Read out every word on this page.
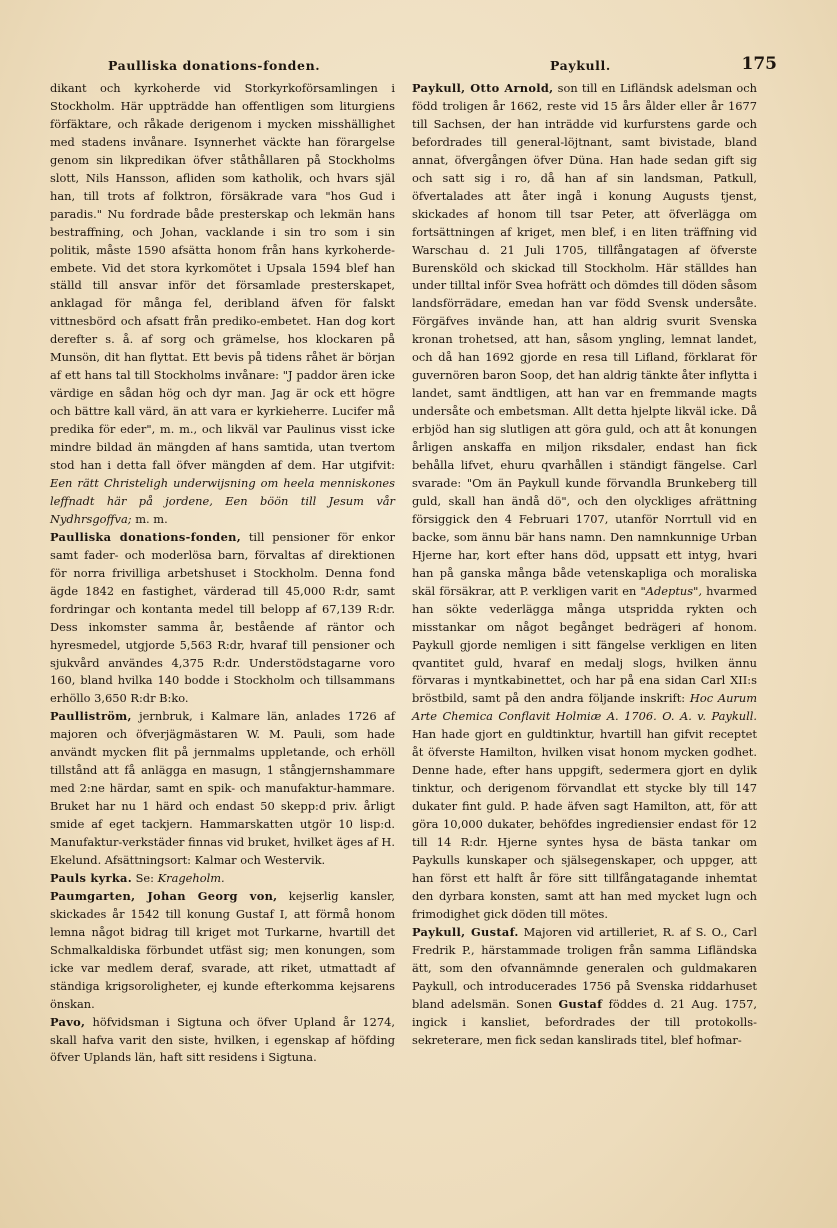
Paulliska donations-fonden.	Paykull.	175

dikant och kyrkoherde vid Storkyrkoförsamlingen i Stockholm. Här uppträdde han offentligen som liturgiens förfäktare, och råkade derigenom i mycken misshällighet med stadens invånare. Isynnerhet väckte han förargelse genom sin likpredikan öfver ståthållaren på Stockholms slott, Nils Hansson, afliden som katholik, och hvars själ han, till trots af folktron, försäkrade vara "hos Gud i paradis." Nu fordrade både presterskap och lekmän hans bestraffning, och Johan, vacklande i sin tro som i sin politik, måste 1590 afsätta honom från hans kyrkoherde-embete. Vid det stora kyrkomötet i Upsala 1594 blef han ställd till ansvar inför det församlade presterskapet, anklagad för många fel, deribland äfven för falskt vittnesbörd och afsatt från prediko-embetet. Han dog kort derefter s. å. af sorg och grämelse, hos klockaren på Munsön, dit han flyttat. Ett bevis på tidens råhet är början af ett hans tal till Stockholms invånare: "J paddor ären icke värdige en sådan hög och dyr man. Jag är ock ett högre och bättre kall värd, än att vara er kyrkieherre. Lucifer må predika för eder", m. m., och likväl var Paulinus visst icke mindre bildad än mängden af hans samtida, utan tvertom stod han i detta fall öfver mängden af dem. Har utgifvit: Een rätt Christeligh underwijsning om heela menniskones leffnadt här på jordene, Een böön till Jesum vår Nydhrsgoffva; m. m.

Paulliska donations-fonden, till pensioner för enkor samt fader- och moderlösa barn, förvaltas af direktionen för norra frivilliga arbetshuset i Stockholm. Denna fond ägde 1842 en fastighet, värderad till 45,000 R:dr, samt fordringar och kontanta medel till belopp af 67,139 R:dr. Dess inkomster samma år, bestående af räntor och hyresmedel, utgjorde 5,563 R:dr, hvaraf till pensioner och sjukvård användes 4,375 R:dr. Understödstagarne voro 160, bland hvilka 140 bodde i Stockholm och tillsammans erhöllo 3,650 R:dr B:ko.

Paulliström, jernbruk, i Kalmare län, anlades 1726 af majoren och öfverjägmästaren W. M. Pauli, som hade användt mycken flit på jernmalms uppletande, och erhöll tillstånd att få anlägga en masugn, 1 stångjernshammare med 2:ne härdar, samt en spik- och manufaktur-hammare. Bruket har nu 1 härd och endast 50 skepp:d priv. årligt smide af eget tackjern. Hammarskatten utgör 10 lisp:d. Manufaktur-verkstäder finnas vid bruket, hvilket äges af H. Ekelund. Afsättningsort: Kalmar och Westervik.

Pauls kyrka. Se: Krageholm.

Paumgarten, Johan Georg von, kejserlig kansler, skickades år 1542 till konung Gustaf I, att förmå honom lemna något bidrag till kriget mot Turkarne, hvartill det Schmalkaldiska förbundet utfäst sig; men konungen, som icke var medlem deraf, svarade, att riket, utmattadt af ständiga krigsoroligheter, ej kunde efterkomma kejsarens önskan.

Pavo, höfvidsman i Sigtuna och öfver Upland år 1274, skall hafva varit den siste, hvilken, i egenskap af höfding öfver Uplands län, haft sitt residens i Sigtuna.

Paykull, Otto Arnold, son till en Lifländsk adelsman och född troligen år 1662, reste vid 15 års ålder eller år 1677 till Sachsen, der han inträdde vid kurfurstens garde och befordrades till general-löjtnant, samt bivistade, bland annat, öfvergången öfver Düna. Han hade sedan gift sig och satt sig i ro, då han af sin landsman, Patkull, öfvertalades att åter ingå i konung Augusts tjenst, skickades af honom till tsar Peter, att öfverlägga om fortsättningen af kriget, men blef, i en liten träffning vid Warschau d. 21 Juli 1705, tillfångatagen af öfverste Burensköld och skickad till Stockholm. Här ställdes han under tilltal inför Svea hofrätt och dömdes till döden såsom landsförrädare, emedan han var född Svensk undersåte. Förgäfves invände han, att han aldrig svurit Svenska kronan trohetsed, att han, såsom yngling, lemnat landet, och då han 1692 gjorde en resa till Lifland, förklarat för guvernören baron Soop, det han aldrig tänkte åter inflytta i landet, samt ändtligen, att han var en fremmande magts undersåte och embetsman. Allt detta hjelpte likväl icke. Då erbjöd han sig slutligen att göra guld, och att åt konungen årligen anskaffa en miljon riksdaler, endast han fick behålla lifvet, ehuru qvarhållen i ständigt fängelse. Carl svarade: "Om än Paykull kunde förvandla Brunkeberg till guld, skall han ändå dö", och den olyckliges afrättning försiggick den 4 Februari 1707, utanför Norrtull vid en backe, som ännu bär hans namn. Den namnkunnige Urban Hjerne har, kort efter hans död, uppsatt ett intyg, hvari han på ganska många både vetenskapliga och moraliska skäl försäkrar, att P. verkligen varit en "Adeptus", hvarmed han sökte vederlägga många utspridda rykten och misstankar om något begånget bedrägeri af honom. Paykull gjorde nemligen i sitt fängelse verkligen en liten qvantitet guld, hvaraf en medalj slogs, hvilken ännu förvaras i myntkabinettet, och har på ena sidan Carl XII:s bröstbild, samt på den andra följande inskrift: Hoc Aurum Arte Chemica Conflavit Holmiæ A. 1706. O. A. v. Paykull. Han hade gjort en guldtinktur, hvartill han gifvit receptet åt öfverste Hamilton, hvilken visat honom mycken godhet. Denne hade, efter hans uppgift, sedermera gjort en dylik tinktur, och derigenom förvandlat ett stycke bly till 147 dukater fint guld. P. hade äfven sagt Hamilton, att, för att göra 10,000 dukater, behöfdes ingrediensier endast för 12 till 14 R:dr. Hjerne syntes hysa de bästa tankar om Paykulls kunskaper och själsegenskaper, och uppger, att han först ett halft år före sitt tillfångatagande inhemtat den dyrbara konsten, samt att han med mycket lugn och frimodighet gick döden till mötes.

Paykull, Gustaf. Majoren vid artilleriet, R. af S. O., Carl Fredrik P., härstammade troligen från samma Lifländska ätt, som den ofvannämnde generalen och guldmakaren Paykull, och introducerades 1756 på Svenska riddarhuset bland adelsmän. Sonen Gustaf föddes d. 21 Aug. 1757, ingick i kansliet, befordrades der till protokolls-sekreterare, men fick sedan kanslirads titel, blef hofmar-
